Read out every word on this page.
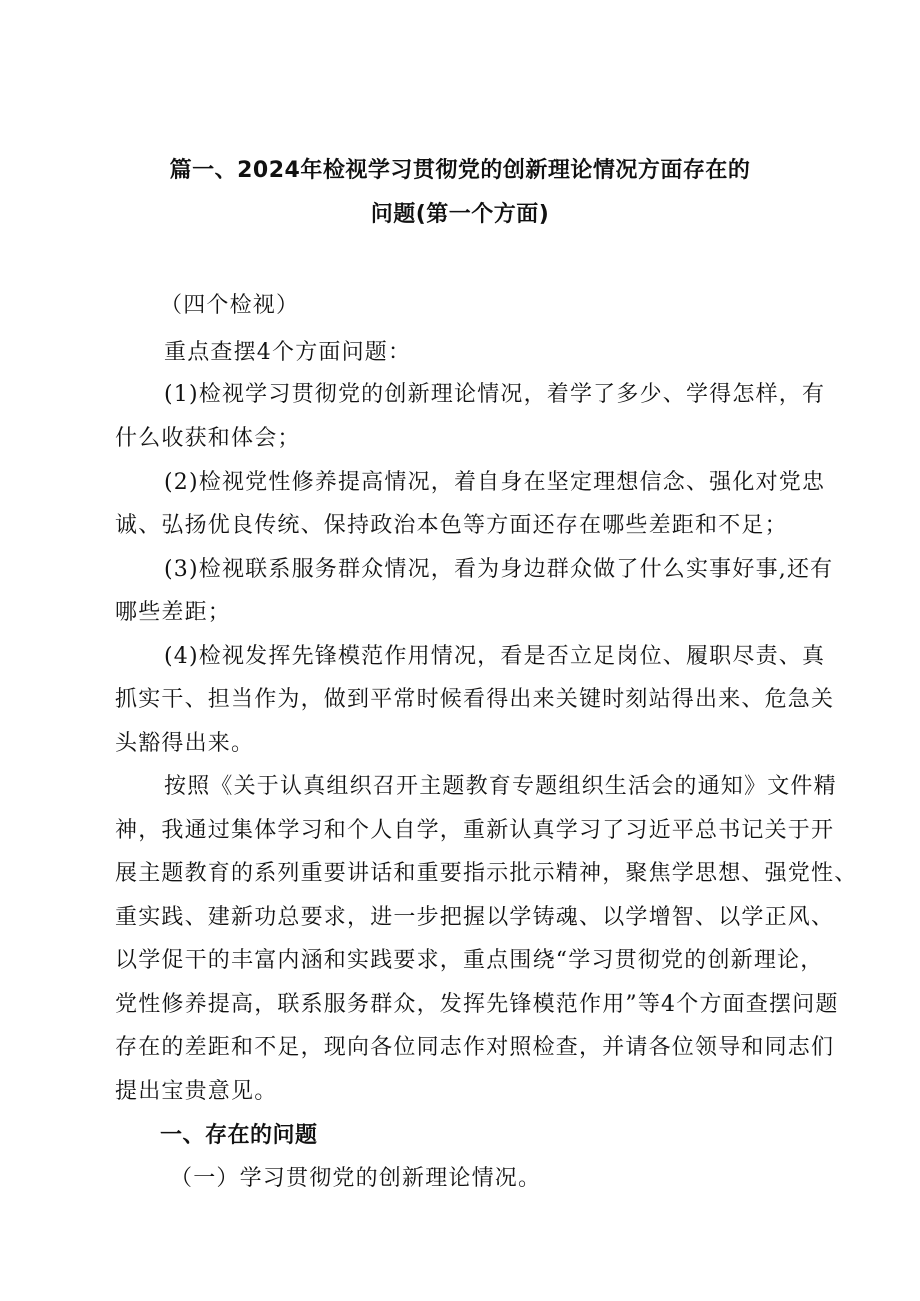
篇一、2024年检视学习贯彻党的创新理论情况方面存在的
问题(第一个方面)
（四个检视）
重点查摆4个方面问题：
(1)检视学习贯彻党的创新理论情况，着学了多少、学得怎样，有
什么收获和体会；
(2)检视党性修养提高情况，着自身在坚定理想信念、强化对党忠
诚、弘扬优良传统、保持政治本色等方面还存在哪些差距和不足；
(3)检视联系服务群众情况，看为身边群众做了什么实事好事,还有
哪些差距；
(4)检视发挥先锋模范作用情况，看是否立足岗位、履职尽责、真
抓实干、担当作为，做到平常时候看得出来关键时刻站得出来、危急关
头豁得出来。
按照《关于认真组织召开主题教育专题组织生活会的通知》文件精
神，我通过集体学习和个人自学，重新认真学习了习近平总书记关于开
展主题教育的系列重要讲话和重要指示批示精神，聚焦学思想、强党性、
重实践、建新功总要求，进一步把握以学铸魂、以学增智、以学正风、
以学促干的丰富内涵和实践要求，重点围绕“学习贯彻党的创新理论，
党性修养提高，联系服务群众，发挥先锋模范作用”等4个方面查摆问题
存在的差距和不足，现向各位同志作对照检查，并请各位领导和同志们
提出宝贵意见。
一、存在的问题
（一）学习贯彻党的创新理论情况。
